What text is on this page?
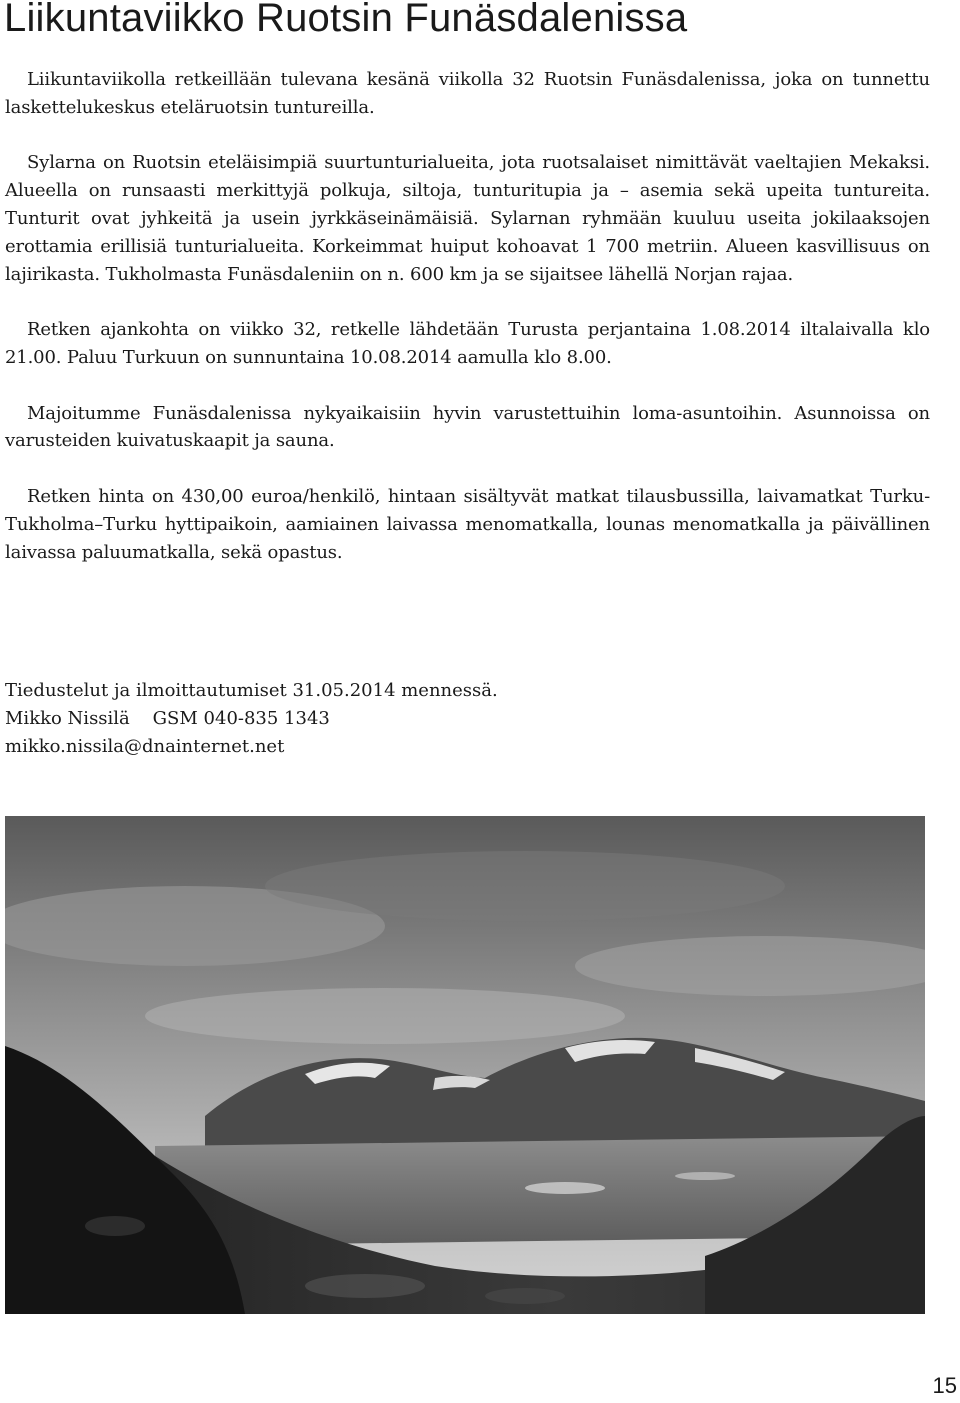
Liikuntaviikko Ruotsin Funäsdalenissa

Liikuntaviikolla retkeillään tulevana kesänä viikolla 32 Ruotsin Funäsdalenissa, joka on tunnettu laskettelukeskus eteläruotsin tuntureilla.

Sylarna on Ruotsin eteläisimpiä suurtunturialueita, jota ruotsalaiset nimittävät vaeltajien Mekaksi. Alueella on runsaasti merkittyjä polkuja, siltoja, tunturitupia ja – asemia sekä upeita tuntureita. Tunturit ovat jyhkeitä ja usein jyrkkäseinämäisiä. Sylarnan ryhmään kuuluu useita jokilaaksojen erottamia erillisiä tunturialueita. Korkeimmat huiput kohoavat 1 700 metriin. Alueen kasvillisuus on lajirikasta. Tukholmasta Funäsdaleniin on n. 600 km ja se sijaitsee lähellä Norjan rajaa.

Retken ajankohta on viikko 32, retkelle lähdetään Turusta perjantaina 1.08.2014 iltalaivalla klo 21.00. Paluu Turkuun on sunnuntaina 10.08.2014 aamulla klo 8.00.

Majoitumme Funäsdalenissa nykyaikaisiin hyvin varustettuihin loma-asuntoihin. Asunnoissa on varusteiden kuivatuskaapit ja sauna.

Retken hinta on 430,00 euroa/henkilö, hintaan sisältyvät matkat tilausbussilla, laivamatkat Turku-Tukholma–Turku hyttipaikoin, aamiainen laivassa menomatkalla, lounas menomatkalla ja päivällinen laivassa paluumatkalla, sekä opastus.

Tiedustelut ja ilmoittautumiset 31.05.2014 mennessä.
Mikko Nissilä    GSM 040-835 1343
mikko.nissila@dnainternet.net
15
